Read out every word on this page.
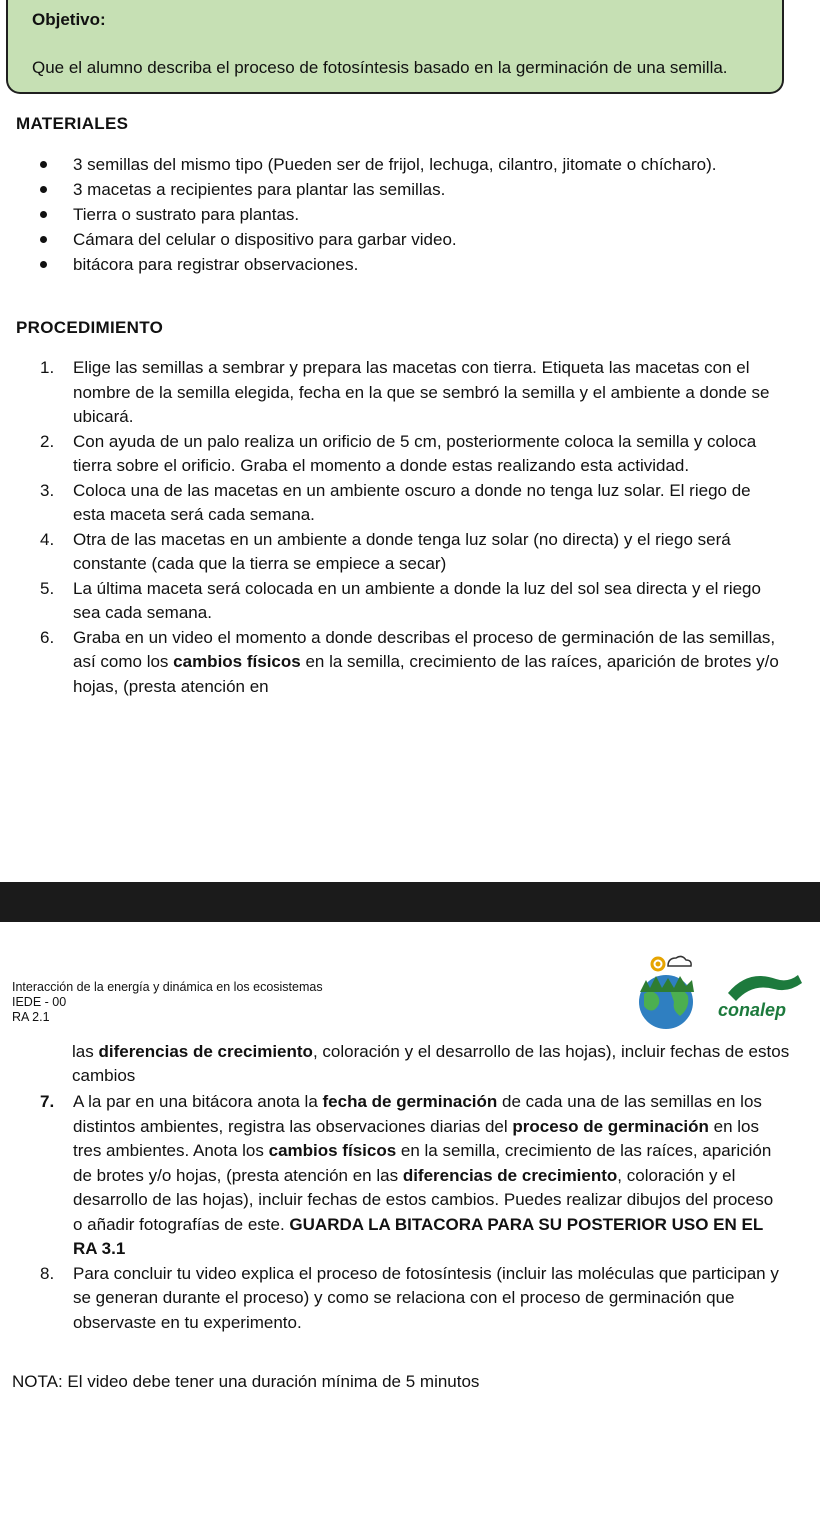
Objetivo:
Que el alumno describa el proceso de fotosíntesis basado en la germinación de una semilla.
MATERIALES
3 semillas del mismo tipo (Pueden ser de frijol, lechuga, cilantro, jitomate o chícharo).
3 macetas a recipientes para plantar las semillas.
Tierra o sustrato para plantas.
Cámara del celular o dispositivo para garbar video.
bitácora para registrar observaciones.
PROCEDIMIENTO
1. Elige las semillas a sembrar y prepara las macetas con tierra. Etiqueta las macetas con el nombre de la semilla elegida, fecha en la que se sembró la semilla y el ambiente a donde se ubicará.
2. Con ayuda de un palo realiza un orificio de 5 cm, posteriormente coloca la semilla y coloca tierra sobre el orificio. Graba el momento a donde estas realizando esta actividad.
3. Coloca una de las macetas en un ambiente oscuro a donde no tenga luz solar. El riego de esta maceta será cada semana.
4. Otra de las macetas en un ambiente a donde tenga luz solar (no directa) y el riego será constante (cada que la tierra se empiece a secar)
5. La última maceta será colocada en un ambiente a donde la luz del sol sea directa y el riego sea cada semana.
6. Graba en un video el momento a donde describas el proceso de germinación de las semillas, así como los cambios físicos en la semilla, crecimiento de las raíces, aparición de brotes y/o hojas, (presta atención en
Interacción de la energía y dinámica en los ecosistemas
IEDE - 00
RA 2.1	conalep
las diferencias de crecimiento, coloración y el desarrollo de las hojas), incluir fechas de estos cambios
7. A la par en una bitácora anota la fecha de germinación de cada una de las semillas en los distintos ambientes, registra las observaciones diarias del proceso de germinación en los tres ambientes. Anota los cambios físicos en la semilla, crecimiento de las raíces, aparición de brotes y/o hojas, (presta atención en las diferencias de crecimiento, coloración y el desarrollo de las hojas), incluir fechas de estos cambios. Puedes realizar dibujos del proceso o añadir fotografías de este. GUARDA LA BITACORA PARA SU POSTERIOR USO EN EL RA 3.1
8. Para concluir tu video explica el proceso de fotosíntesis (incluir las moléculas que participan y se generan durante el proceso) y como se relaciona con el proceso de germinación que observaste en tu experimento.
NOTA: El video debe tener una duración mínima de 5 minutos
